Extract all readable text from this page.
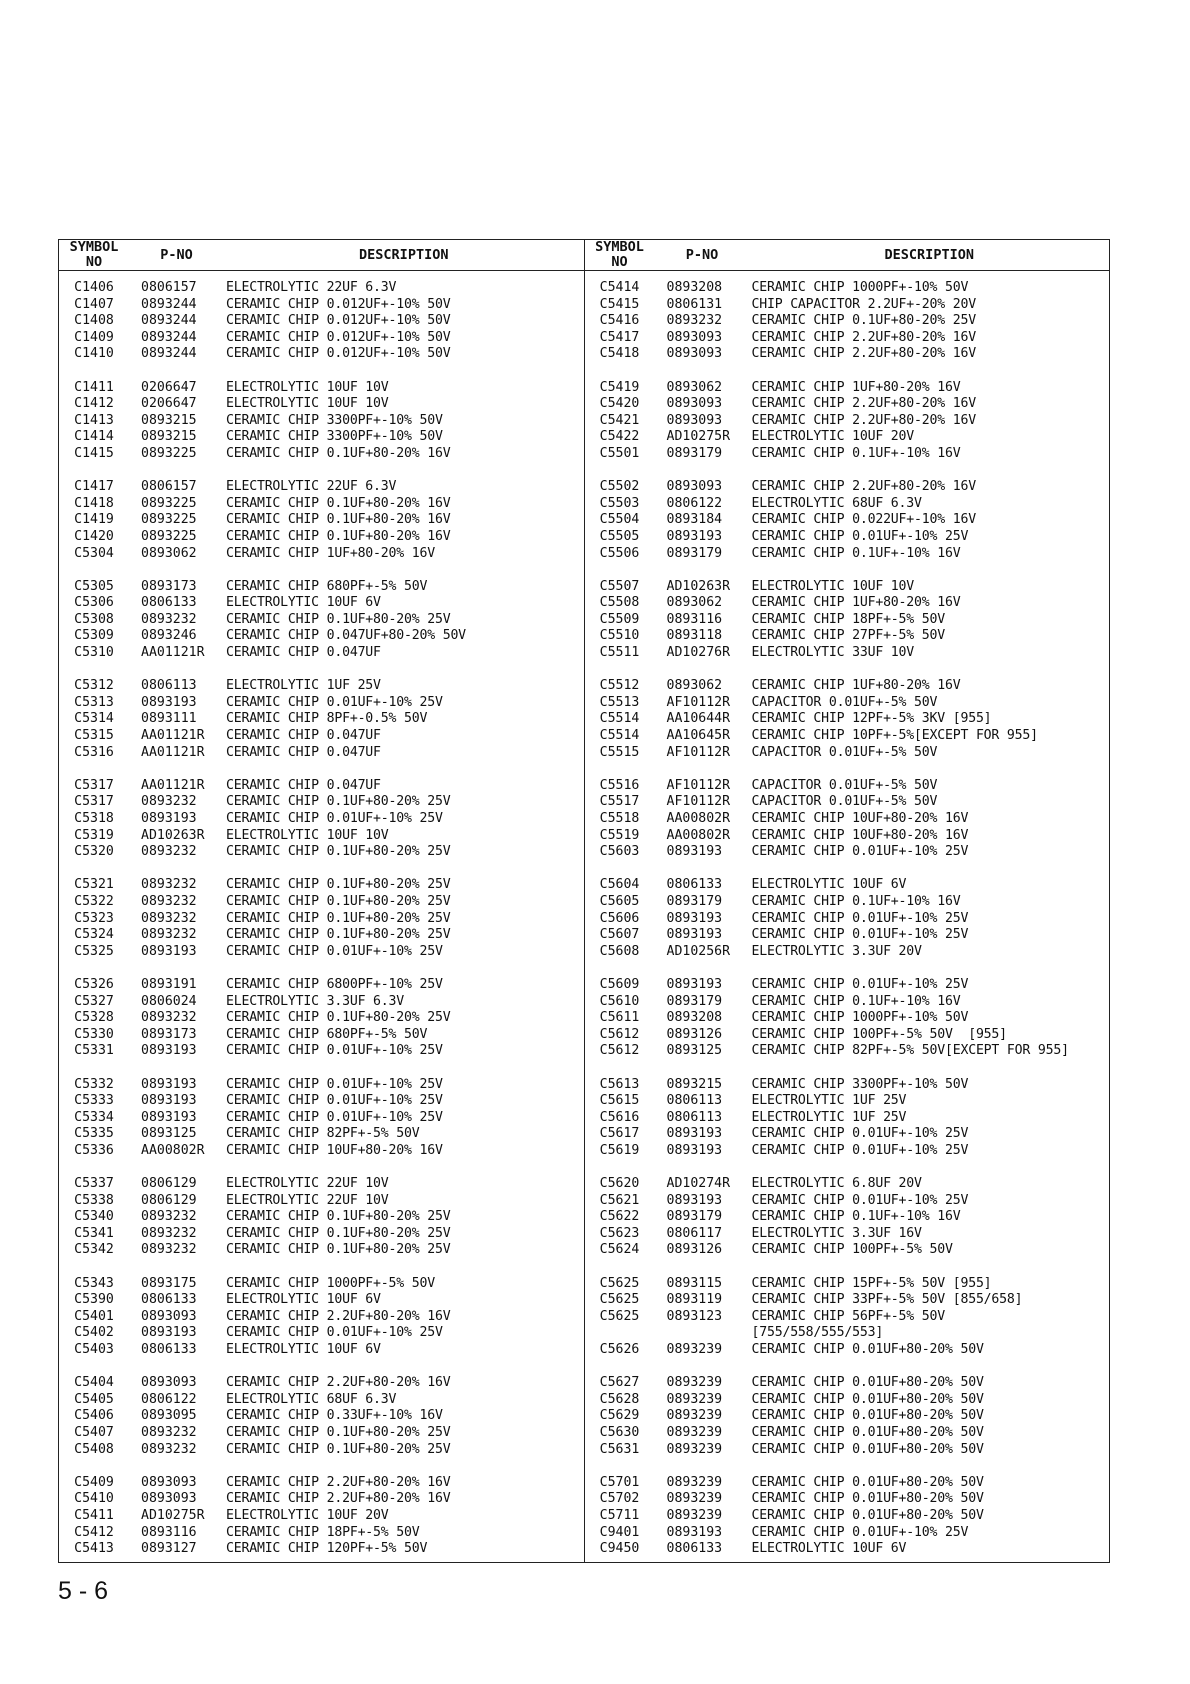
SYMBOL
NO	P-NO	DESCRIPTION
C1406	0806157	ELECTROLYTIC 22UF 6.3V
C1407	0893244	CERAMIC CHIP 0.012UF+-10% 50V
C1408	0893244	CERAMIC CHIP 0.012UF+-10% 50V
C1409	0893244	CERAMIC CHIP 0.012UF+-10% 50V
C1410	0893244	CERAMIC CHIP 0.012UF+-10% 50V
C1411	0206647	ELECTROLYTIC 10UF 10V
C1412	0206647	ELECTROLYTIC 10UF 10V
C1413	0893215	CERAMIC CHIP 3300PF+-10% 50V
C1414	0893215	CERAMIC CHIP 3300PF+-10% 50V
C1415	0893225	CERAMIC CHIP 0.1UF+80-20% 16V
C1417	0806157	ELECTROLYTIC 22UF 6.3V
C1418	0893225	CERAMIC CHIP 0.1UF+80-20% 16V
C1419	0893225	CERAMIC CHIP 0.1UF+80-20% 16V
C1420	0893225	CERAMIC CHIP 0.1UF+80-20% 16V
C5304	0893062	CERAMIC CHIP 1UF+80-20% 16V
C5305	0893173	CERAMIC CHIP 680PF+-5% 50V
C5306	0806133	ELECTROLYTIC 10UF 6V
C5308	0893232	CERAMIC CHIP 0.1UF+80-20% 25V
C5309	0893246	CERAMIC CHIP 0.047UF+80-20% 50V
C5310	AA01121R	CERAMIC CHIP 0.047UF
C5312	0806113	ELECTROLYTIC 1UF 25V
C5313	0893193	CERAMIC CHIP 0.01UF+-10% 25V
C5314	0893111	CERAMIC CHIP 8PF+-0.5% 50V
C5315	AA01121R	CERAMIC CHIP 0.047UF
C5316	AA01121R	CERAMIC CHIP 0.047UF
C5317	AA01121R	CERAMIC CHIP 0.047UF
C5317	0893232	CERAMIC CHIP 0.1UF+80-20% 25V
C5318	0893193	CERAMIC CHIP 0.01UF+-10% 25V
C5319	AD10263R	ELECTROLYTIC 10UF 10V
C5320	0893232	CERAMIC CHIP 0.1UF+80-20% 25V
C5321	0893232	CERAMIC CHIP 0.1UF+80-20% 25V
C5322	0893232	CERAMIC CHIP 0.1UF+80-20% 25V
C5323	0893232	CERAMIC CHIP 0.1UF+80-20% 25V
C5324	0893232	CERAMIC CHIP 0.1UF+80-20% 25V
C5325	0893193	CERAMIC CHIP 0.01UF+-10% 25V
C5326	0893191	CERAMIC CHIP 6800PF+-10% 25V
C5327	0806024	ELECTROLYTIC 3.3UF 6.3V
C5328	0893232	CERAMIC CHIP 0.1UF+80-20% 25V
C5330	0893173	CERAMIC CHIP 680PF+-5% 50V
C5331	0893193	CERAMIC CHIP 0.01UF+-10% 25V
C5332	0893193	CERAMIC CHIP 0.01UF+-10% 25V
C5333	0893193	CERAMIC CHIP 0.01UF+-10% 25V
C5334	0893193	CERAMIC CHIP 0.01UF+-10% 25V
C5335	0893125	CERAMIC CHIP 82PF+-5% 50V
C5336	AA00802R	CERAMIC CHIP 10UF+80-20% 16V
C5337	0806129	ELECTROLYTIC 22UF 10V
C5338	0806129	ELECTROLYTIC 22UF 10V
C5340	0893232	CERAMIC CHIP 0.1UF+80-20% 25V
C5341	0893232	CERAMIC CHIP 0.1UF+80-20% 25V
C5342	0893232	CERAMIC CHIP 0.1UF+80-20% 25V
C5343	0893175	CERAMIC CHIP 1000PF+-5% 50V
C5390	0806133	ELECTROLYTIC 10UF 6V
C5401	0893093	CERAMIC CHIP 2.2UF+80-20% 16V
C5402	0893193	CERAMIC CHIP 0.01UF+-10% 25V
C5403	0806133	ELECTROLYTIC 10UF 6V
C5404	0893093	CERAMIC CHIP 2.2UF+80-20% 16V
C5405	0806122	ELECTROLYTIC 68UF 6.3V
C5406	0893095	CERAMIC CHIP 0.33UF+-10% 16V
C5407	0893232	CERAMIC CHIP 0.1UF+80-20% 25V
C5408	0893232	CERAMIC CHIP 0.1UF+80-20% 25V
C5409	0893093	CERAMIC CHIP 2.2UF+80-20% 16V
C5410	0893093	CERAMIC CHIP 2.2UF+80-20% 16V
C5411	AD10275R	ELECTROLYTIC 10UF 20V
C5412	0893116	CERAMIC CHIP 18PF+-5% 50V
C5413	0893127	CERAMIC CHIP 120PF+-5% 50V
SYMBOL
NO	P-NO	DESCRIPTION
C5414	0893208	CERAMIC CHIP 1000PF+-10% 50V
C5415	0806131	CHIP CAPACITOR 2.2UF+-20% 20V
C5416	0893232	CERAMIC CHIP 0.1UF+80-20% 25V
C5417	0893093	CERAMIC CHIP 2.2UF+80-20% 16V
C5418	0893093	CERAMIC CHIP 2.2UF+80-20% 16V
C5419	0893062	CERAMIC CHIP 1UF+80-20% 16V
C5420	0893093	CERAMIC CHIP 2.2UF+80-20% 16V
C5421	0893093	CERAMIC CHIP 2.2UF+80-20% 16V
C5422	AD10275R	ELECTROLYTIC 10UF 20V
C5501	0893179	CERAMIC CHIP 0.1UF+-10% 16V
C5502	0893093	CERAMIC CHIP 2.2UF+80-20% 16V
C5503	0806122	ELECTROLYTIC 68UF 6.3V
C5504	0893184	CERAMIC CHIP 0.022UF+-10% 16V
C5505	0893193	CERAMIC CHIP 0.01UF+-10% 25V
C5506	0893179	CERAMIC CHIP 0.1UF+-10% 16V
C5507	AD10263R	ELECTROLYTIC 10UF 10V
C5508	0893062	CERAMIC CHIP 1UF+80-20% 16V
C5509	0893116	CERAMIC CHIP 18PF+-5% 50V
C5510	0893118	CERAMIC CHIP 27PF+-5% 50V
C5511	AD10276R	ELECTROLYTIC 33UF 10V
C5512	0893062	CERAMIC CHIP 1UF+80-20% 16V
C5513	AF10112R	CAPACITOR 0.01UF+-5% 50V
C5514	AA10644R	CERAMIC CHIP 12PF+-5% 3KV [955]
C5514	AA10645R	CERAMIC CHIP 10PF+-5%[EXCEPT FOR 955]
C5515	AF10112R	CAPACITOR 0.01UF+-5% 50V
C5516	AF10112R	CAPACITOR 0.01UF+-5% 50V
C5517	AF10112R	CAPACITOR 0.01UF+-5% 50V
C5518	AA00802R	CERAMIC CHIP 10UF+80-20% 16V
C5519	AA00802R	CERAMIC CHIP 10UF+80-20% 16V
C5603	0893193	CERAMIC CHIP 0.01UF+-10% 25V
C5604	0806133	ELECTROLYTIC 10UF 6V
C5605	0893179	CERAMIC CHIP 0.1UF+-10% 16V
C5606	0893193	CERAMIC CHIP 0.01UF+-10% 25V
C5607	0893193	CERAMIC CHIP 0.01UF+-10% 25V
C5608	AD10256R	ELECTROLYTIC 3.3UF 20V
C5609	0893193	CERAMIC CHIP 0.01UF+-10% 25V
C5610	0893179	CERAMIC CHIP 0.1UF+-10% 16V
C5611	0893208	CERAMIC CHIP 1000PF+-10% 50V
C5612	0893126	CERAMIC CHIP 100PF+-5% 50V  [955]
C5612	0893125	CERAMIC CHIP 82PF+-5% 50V[EXCEPT FOR 955]
C5613	0893215	CERAMIC CHIP 3300PF+-10% 50V
C5615	0806113	ELECTROLYTIC 1UF 25V
C5616	0806113	ELECTROLYTIC 1UF 25V
C5617	0893193	CERAMIC CHIP 0.01UF+-10% 25V
C5619	0893193	CERAMIC CHIP 0.01UF+-10% 25V
C5620	AD10274R	ELECTROLYTIC 6.8UF 20V
C5621	0893193	CERAMIC CHIP 0.01UF+-10% 25V
C5622	0893179	CERAMIC CHIP 0.1UF+-10% 16V
C5623	0806117	ELECTROLYTIC 3.3UF 16V
C5624	0893126	CERAMIC CHIP 100PF+-5% 50V
C5625	0893115	CERAMIC CHIP 15PF+-5% 50V [955]
C5625	0893119	CERAMIC CHIP 33PF+-5% 50V [855/658]
C5625	0893123	CERAMIC CHIP 56PF+-5% 50V
[755/558/555/553]
C5626	0893239	CERAMIC CHIP 0.01UF+80-20% 50V
C5627	0893239	CERAMIC CHIP 0.01UF+80-20% 50V
C5628	0893239	CERAMIC CHIP 0.01UF+80-20% 50V
C5629	0893239	CERAMIC CHIP 0.01UF+80-20% 50V
C5630	0893239	CERAMIC CHIP 0.01UF+80-20% 50V
C5631	0893239	CERAMIC CHIP 0.01UF+80-20% 50V
C5701	0893239	CERAMIC CHIP 0.01UF+80-20% 50V
C5702	0893239	CERAMIC CHIP 0.01UF+80-20% 50V
C5711	0893239	CERAMIC CHIP 0.01UF+80-20% 50V
C9401	0893193	CERAMIC CHIP 0.01UF+-10% 25V
C9450	0806133	ELECTROLYTIC 10UF 6V
5 - 6
